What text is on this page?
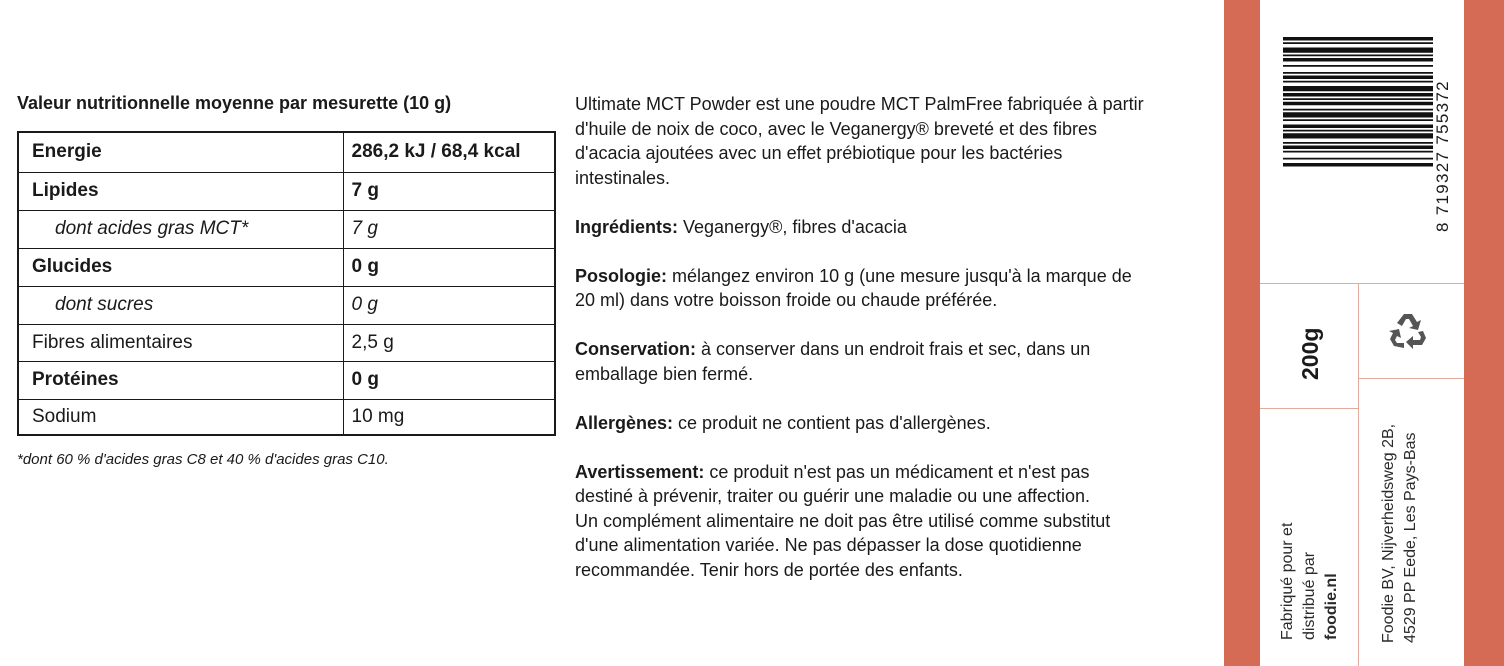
Valeur nutritionnelle moyenne par mesurette (10 g)
Energie	286,2 kJ / 68,4 kcal
Lipides	7 g
dont acides gras MCT*	7 g
Glucides	0 g
dont sucres	0 g
Fibres alimentaires	2,5 g
Protéines	0 g
Sodium	10 mg
*dont 60 % d'acides gras C8 et 40 % d'acides gras C10.

Ultimate MCT Powder est une poudre MCT PalmFree fabriquée à partir
d'huile de noix de coco, avec le Veganergy® breveté et des fibres
d'acacia ajoutées avec un effet prébiotique pour les bactéries
intestinales.

Ingrédients: Veganergy®, fibres d'acacia

Posologie: mélangez environ 10 g (une mesure jusqu'à la marque de
20 ml) dans votre boisson froide ou chaude préférée.

Conservation: à conserver dans un endroit frais et sec, dans un
emballage bien fermé.

Allergènes: ce produit ne contient pas d'allergènes.

Avertissement: ce produit n'est pas un médicament et n'est pas
destiné à prévenir, traiter ou guérir une maladie ou une affection.
Un complément alimentaire ne doit pas être utilisé comme substitut
d'une alimentation variée. Ne pas dépasser la dose quotidienne
recommandée. Tenir hors de portée des enfants.

8 719327 755372
200g
Fabriqué pour et distribué par foodie.nl	Foodie BV, Nijverheidsweg 2B, 4529 PP Eede, Les Pays-Bas
